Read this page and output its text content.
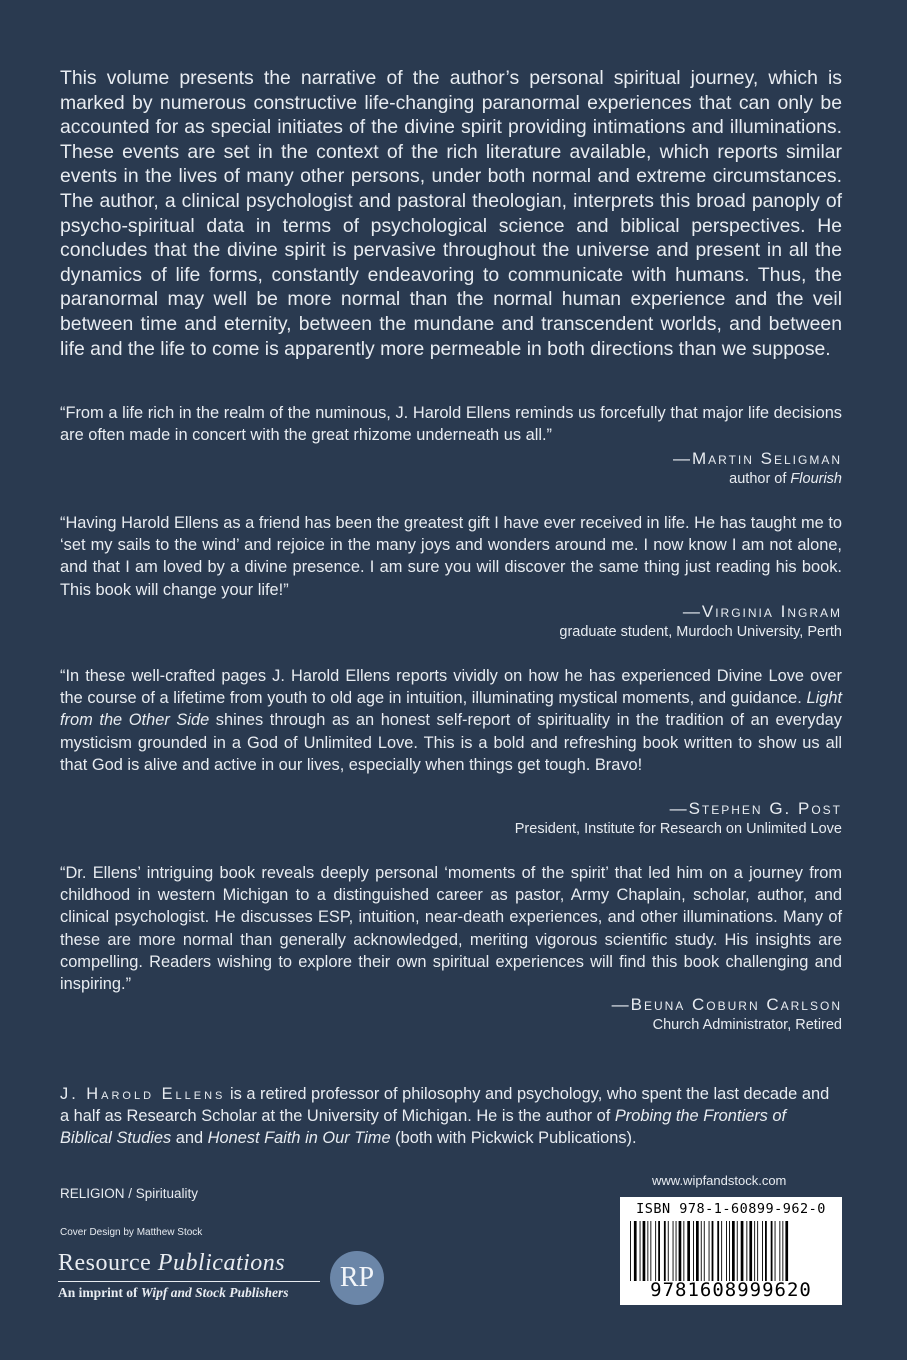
This volume presents the narrative of the author’s personal spiritual journey, which is marked by numerous constructive life-changing paranormal experiences that can only be accounted for as special initiates of the divine spirit providing intimations and illuminations. These events are set in the context of the rich literature available, which reports similar events in the lives of many other persons, under both normal and extreme circumstances. The author, a clinical psychologist and pastoral theologian, interprets this broad panoply of psycho-spiritual data in terms of psychological science and biblical perspectives. He concludes that the divine spirit is pervasive throughout the universe and present in all the dynamics of life forms, constantly endeavoring to communicate with humans. Thus, the paranormal may well be more normal than the normal human experience and the veil between time and eternity, between the mundane and transcendent worlds, and between life and the life to come is apparently more permeable in both directions than we suppose.

“From a life rich in the realm of the numinous, J. Harold Ellens reminds us forcefully that major life decisions are often made in concert with the great rhizome underneath us all.”

—Martin Seligman
author of Flourish

“Having Harold Ellens as a friend has been the greatest gift I have ever received in life. He has taught me to ‘set my sails to the wind’ and rejoice in the many joys and wonders around me. I now know I am not alone, and that I am loved by a divine presence. I am sure you will discover the same thing just reading his book. This book will change your life!”

—Virginia Ingram
graduate student, Murdoch University, Perth

“In these well-crafted pages J. Harold Ellens reports vividly on how he has experienced Divine Love over the course of a lifetime from youth to old age in intuition, illuminating mystical moments, and guidance. Light from the Other Side shines through as an honest self-report of spirituality in the tradition of an everyday mysticism grounded in a God of Unlimited Love. This is a bold and refreshing book written to show us all that God is alive and active in our lives, especially when things get tough. Bravo!

—Stephen G. Post
President, Institute for Research on Unlimited Love

“Dr. Ellens’ intriguing book reveals deeply personal ‘moments of the spirit’ that led him on a journey from childhood in western Michigan to a distinguished career as pastor, Army Chaplain, scholar, author, and clinical psychologist. He discusses ESP, intuition, near-death experiences, and other illuminations. Many of these are more normal than generally acknowledged, meriting vigorous scientific study. His insights are compelling. Readers wishing to explore their own spiritual experiences will find this book challenging and inspiring.”

—Beuna Coburn Carlson
Church Administrator, Retired

J. Harold Ellens is a retired professor of philosophy and psychology, who spent the last decade and a half as Research Scholar at the University of Michigan. He is the author of Probing the Frontiers of Biblical Studies and Honest Faith in Our Time (both with Pickwick Publications).

RELIGION / Spirituality
Cover Design by Matthew Stock
Resource Publications
An imprint of Wipf and Stock Publishers	RP
www.wipfandstock.com
ISBN 978-1-60899-962-0
9781608999620
